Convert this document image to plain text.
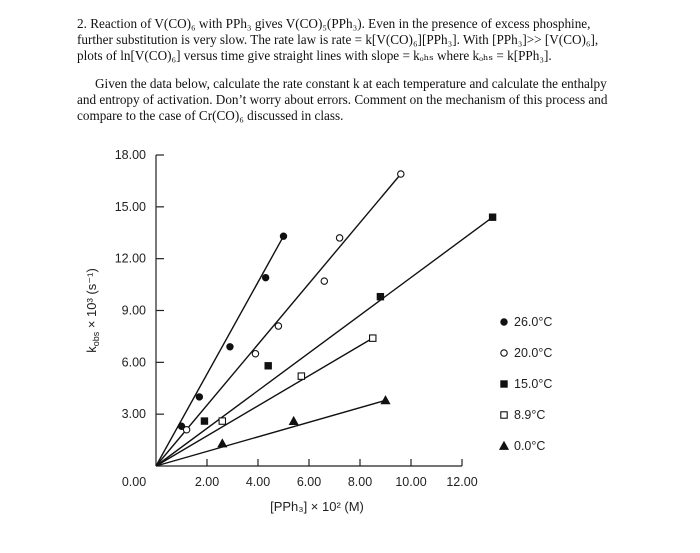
2. Reaction of V(CO)₆ with PPh₃ gives V(CO)₅(PPh₃). Even in the presence of excess phosphine,
further substitution is very slow. The rate law is rate = k[V(CO)₆][PPh₃]. With [PPh₃]>> [V(CO)₆],
plots of ln[V(CO)₆] versus time give straight lines with slope = kₒₕₛ where kₒₕₛ = k[PPh₃].

Given the data below, calculate the rate constant k at each temperature and calculate the enthalpy
and entropy of activation. Don’t worry about errors. Comment on the mechanism of this process and
compare to the case of Cr(CO)₆ discussed in class.

3.00
6.00
9.00
12.00
15.00
18.00
0.00	2.00 4.00 6.00 8.00 10.00 12.00
26.0°C
20.0°C
15.0°C
8.9°C
0.0°C
[PPh₃] × 10² (M)
$k_{obs} \times 10^3$ (s⁻¹)
